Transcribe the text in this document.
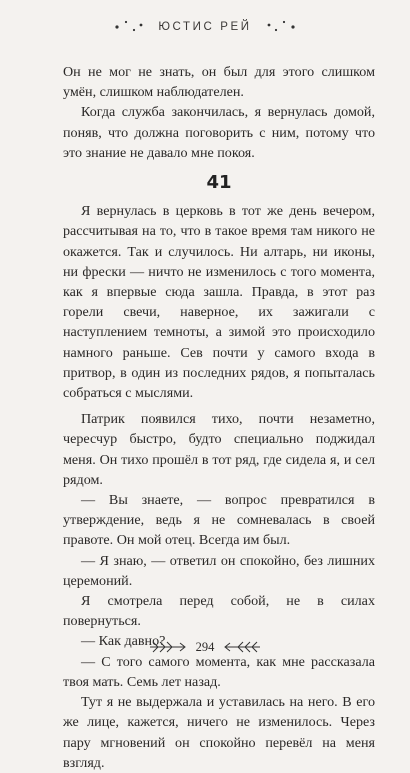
ЮСТИС РЕЙ

Он не мог не знать, он был для этого слишком умён, слишком наблюдателен.

Когда служба закончилась, я вернулась домой, поняв, что должна поговорить с ним, потому что это знание не давало мне покоя.

41

Я вернулась в церковь в тот же день вечером, рассчитывая на то, что в такое время там никого не окажется. Так и случилось. Ни алтарь, ни иконы, ни фрески — ничто не изменилось с того момента, как я впервые сюда зашла. Правда, в этот раз горели свечи, наверное, их зажигали с наступлением темноты, а зимой это происходило намного раньше. Сев почти у самого входа в притвор, в один из последних рядов, я попыталась собраться с мыслями.

Патрик появился тихо, почти незаметно, чересчур быстро, будто специально поджидал меня. Он тихо прошёл в тот ряд, где сидела я, и сел рядом.

— Вы знаете, — вопрос превратился в утверждение, ведь я не сомневалась в своей правоте. Он мой отец. Всегда им был.

— Я знаю, — ответил он спокойно, без лишних церемоний.

Я смотрела перед собой, не в силах повернуться.

— Как давно?

— С того самого момента, как мне рассказала твоя мать. Семь лет назад.

Тут я не выдержала и уставилась на него. В его же лице, кажется, ничего не изменилось. Через пару мгновений он спокойно перевёл на меня взгляд.

294
